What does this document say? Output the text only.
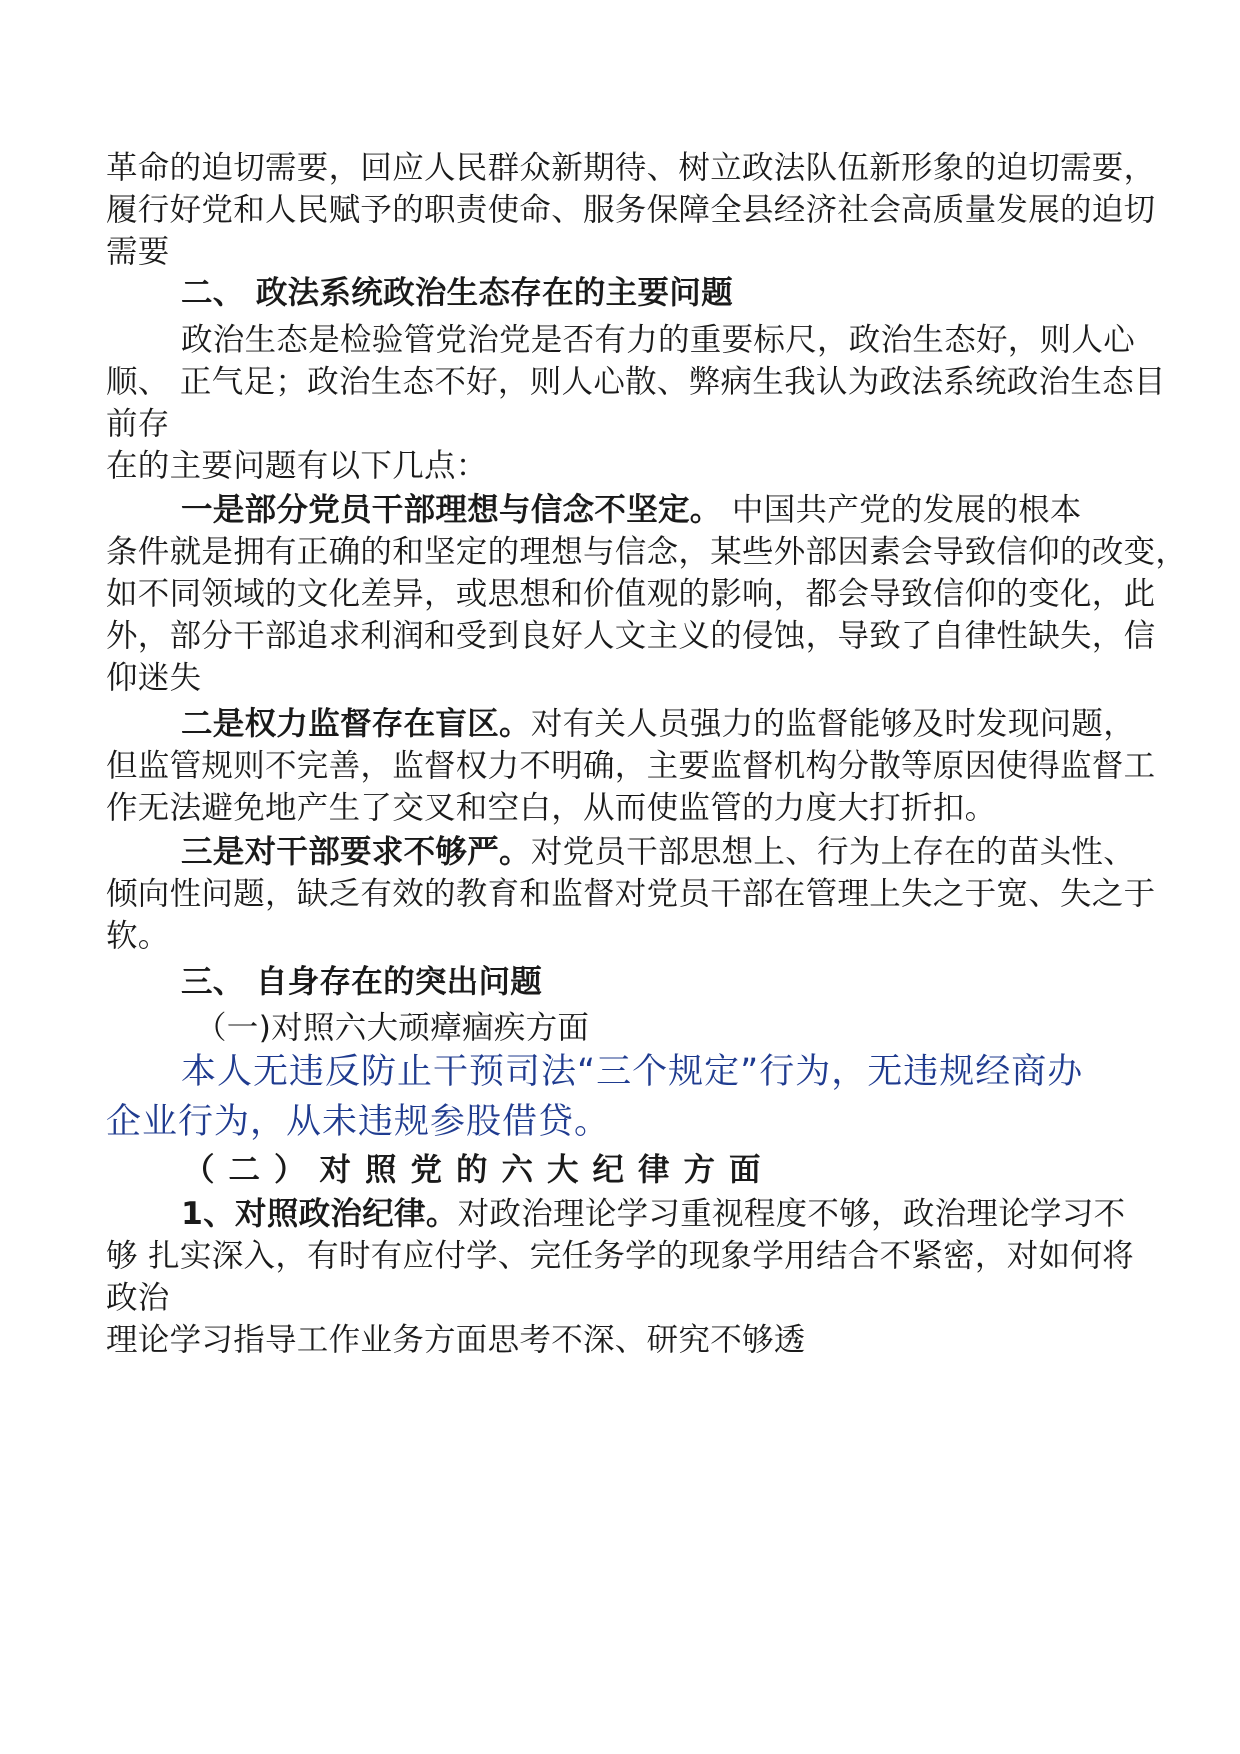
革命的迫切需要，回应人民群众新期待、树立政法队伍新形象的迫切需要，
履行好党和人民赋予的职责使命、服务保障全县经济社会高质量发展的迫切
需要
二、 政法系统政治生态存在的主要问题
政治生态是检验管党治党是否有力的重要标尺，政治生态好，则人心
顺、 正气足；政治生态不好，则人心散、弊病生我认为政法系统政治生态目
前存
在的主要问题有以下几点：
一是部分党员干部理想与信念不坚定。 中国共产党的发展的根本
条件就是拥有正确的和坚定的理想与信念，某些外部因素会导致信仰的改变，
如不同领域的文化差异，或思想和价值观的影响，都会导致信仰的变化，此
外，部分干部追求利润和受到良好人文主义的侵蚀，导致了自律性缺失，信
仰迷失
二是权力监督存在盲区。对有关人员强力的监督能够及时发现问题，
但监管规则不完善，监督权力不明确，主要监督机构分散等原因使得监督工
作无法避免地产生了交叉和空白，从而使监管的力度大打折扣。
三是对干部要求不够严。对党员干部思想上、行为上存在的苗头性、
倾向性问题，缺乏有效的教育和监督对党员干部在管理上失之于宽、失之于
软。
三、 自身存在的突出问题
（一)对照六大顽瘴痼疾方面
本人无违反防止干预司法“三个规定”行为，无违规经商办
企业行为，从未违规参股借贷。
（二）对照党的六大纪律方面
1、对照政治纪律。对政治理论学习重视程度不够，政治理论学习不
够 扎实深入，有时有应付学、完任务学的现象学用结合不紧密，对如何将
政治
理论学习指导工作业务方面思考不深、研究不够透
